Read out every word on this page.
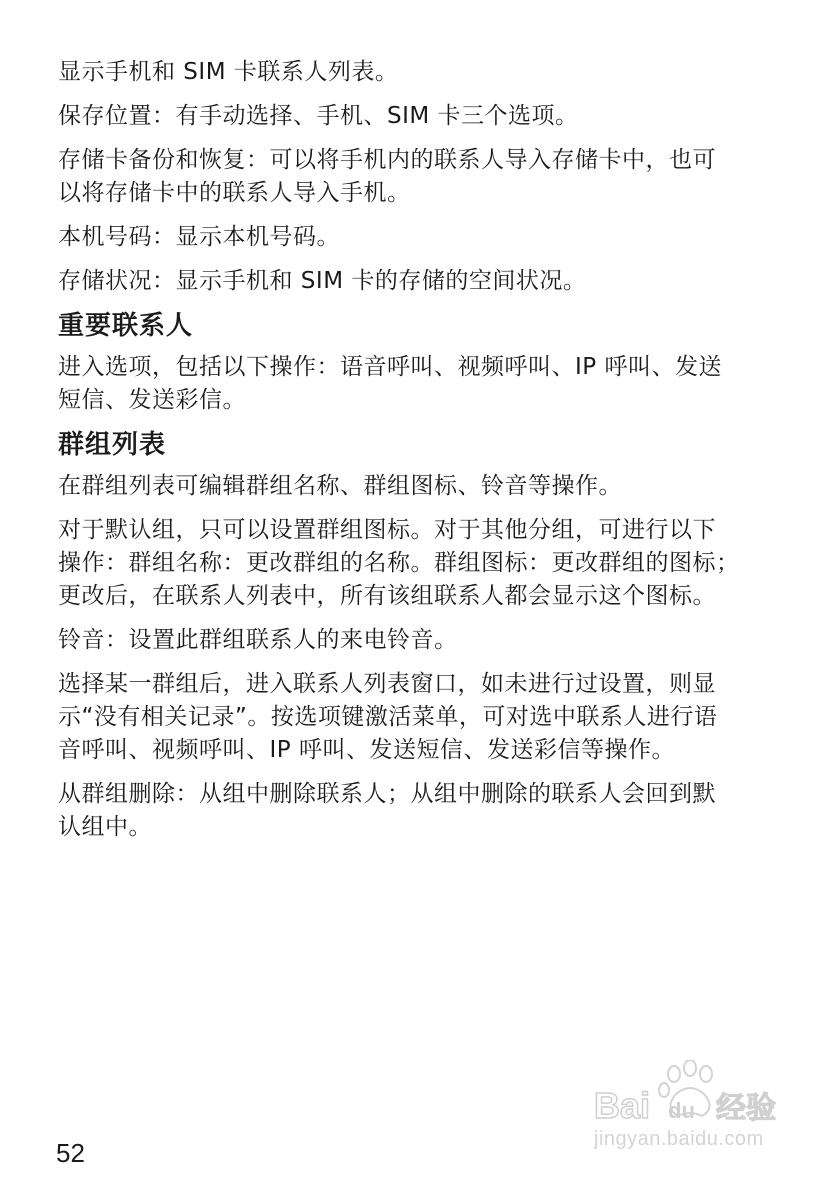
显示手机和 SIM 卡联系人列表。

保存位置：有手动选择、手机、SIM 卡三个选项。

存储卡备份和恢复：可以将手机内的联系人导入存储卡中，也可
以将存储卡中的联系人导入手机。

本机号码：显示本机号码。

存储状况：显示手机和 SIM 卡的存储的空间状况。

重要联系人

进入选项，包括以下操作：语音呼叫、视频呼叫、IP 呼叫、发送
短信、发送彩信。

群组列表

在群组列表可编辑群组名称、群组图标、铃音等操作。

对于默认组，只可以设置群组图标。对于其他分组，可进行以下
操作：群组名称：更改群组的名称。群组图标：更改群组的图标；
更改后，在联系人列表中，所有该组联系人都会显示这个图标。

铃音：设置此群组联系人的来电铃音。

选择某一群组后，进入联系人列表窗口，如未进行过设置，则显
示“没有相关记录”。按选项键激活菜单，可对选中联系人进行语
音呼叫、视频呼叫、IP 呼叫、发送短信、发送彩信等操作。

从群组删除：从组中删除联系人；从组中删除的联系人会回到默
认组中。

52
Bai du 经验
jingyan.baidu.com
